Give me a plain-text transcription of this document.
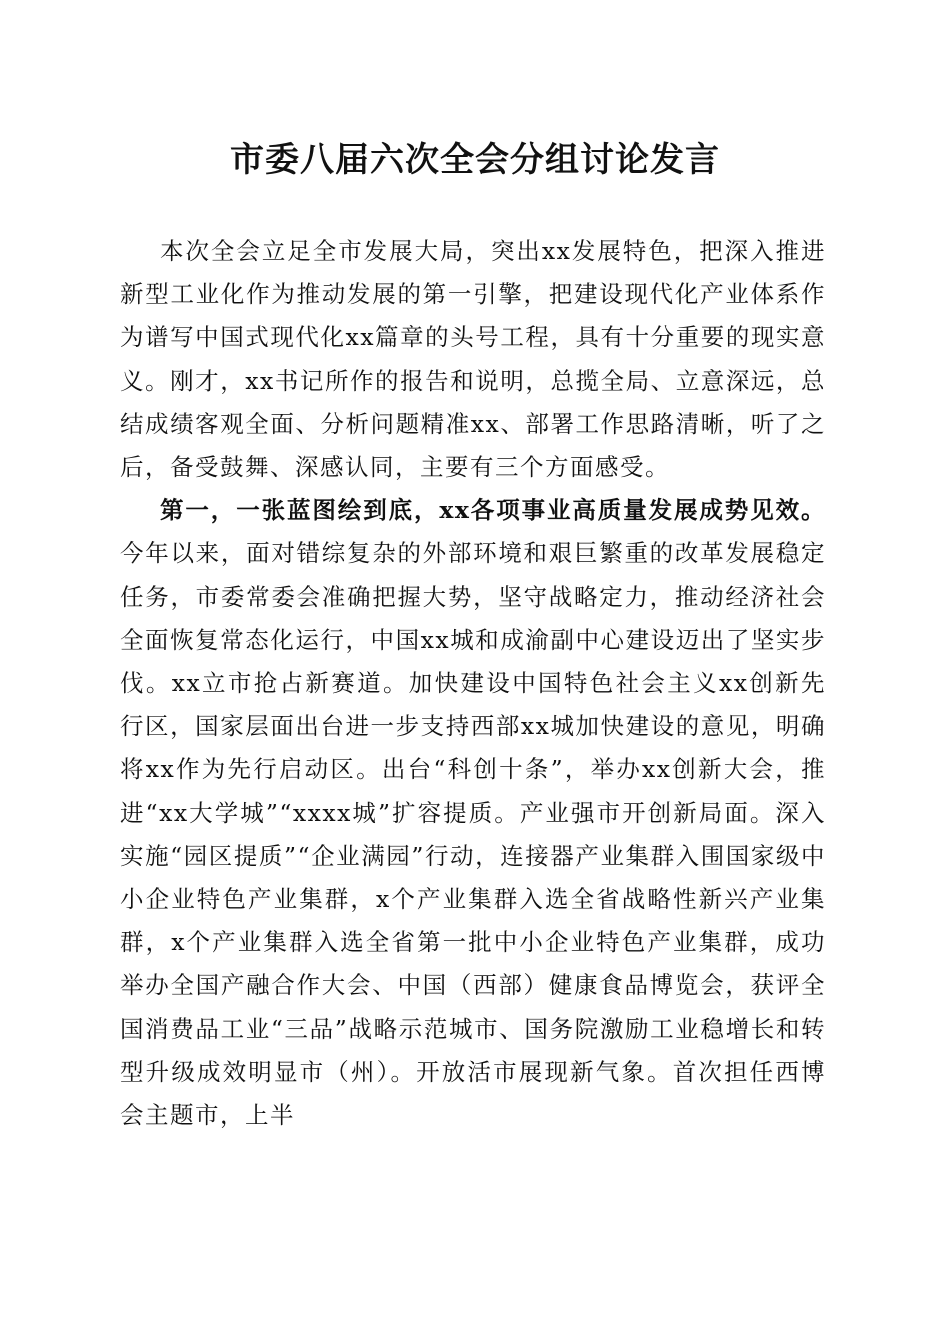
市委八届六次全会分组讨论发言

本次全会立足全市发展大局，突出xx发展特色，把深入推进新型工业化作为推动发展的第一引擎，把建设现代化产业体系作为谱写中国式现代化xx篇章的头号工程，具有十分重要的现实意义。刚才，xx书记所作的报告和说明，总揽全局、立意深远，总结成绩客观全面、分析问题精准xx、部署工作思路清晰，听了之后，备受鼓舞、深感认同，主要有三个方面感受。

第一，一张蓝图绘到底，xx各项事业高质量发展成势见效。今年以来，面对错综复杂的外部环境和艰巨繁重的改革发展稳定任务，市委常委会准确把握大势，坚守战略定力，推动经济社会全面恢复常态化运行，中国xx城和成渝副中心建设迈出了坚实步伐。xx立市抢占新赛道。加快建设中国特色社会主义xx创新先行区，国家层面出台进一步支持西部xx城加快建设的意见，明确将xx作为先行启动区。出台“科创十条”，举办xx创新大会，推进“xx大学城”“xxxx城”扩容提质。产业强市开创新局面。深入实施“园区提质”“企业满园”行动，连接器产业集群入围国家级中小企业特色产业集群，x个产业集群入选全省战略性新兴产业集群，x个产业集群入选全省第一批中小企业特色产业集群，成功举办全国产融合作大会、中国（西部）健康食品博览会，获评全国消费品工业“三品”战略示范城市、国务院激励工业稳增长和转型升级成效明显市（州）。开放活市展现新气象。首次担任西博会主题市，上半
